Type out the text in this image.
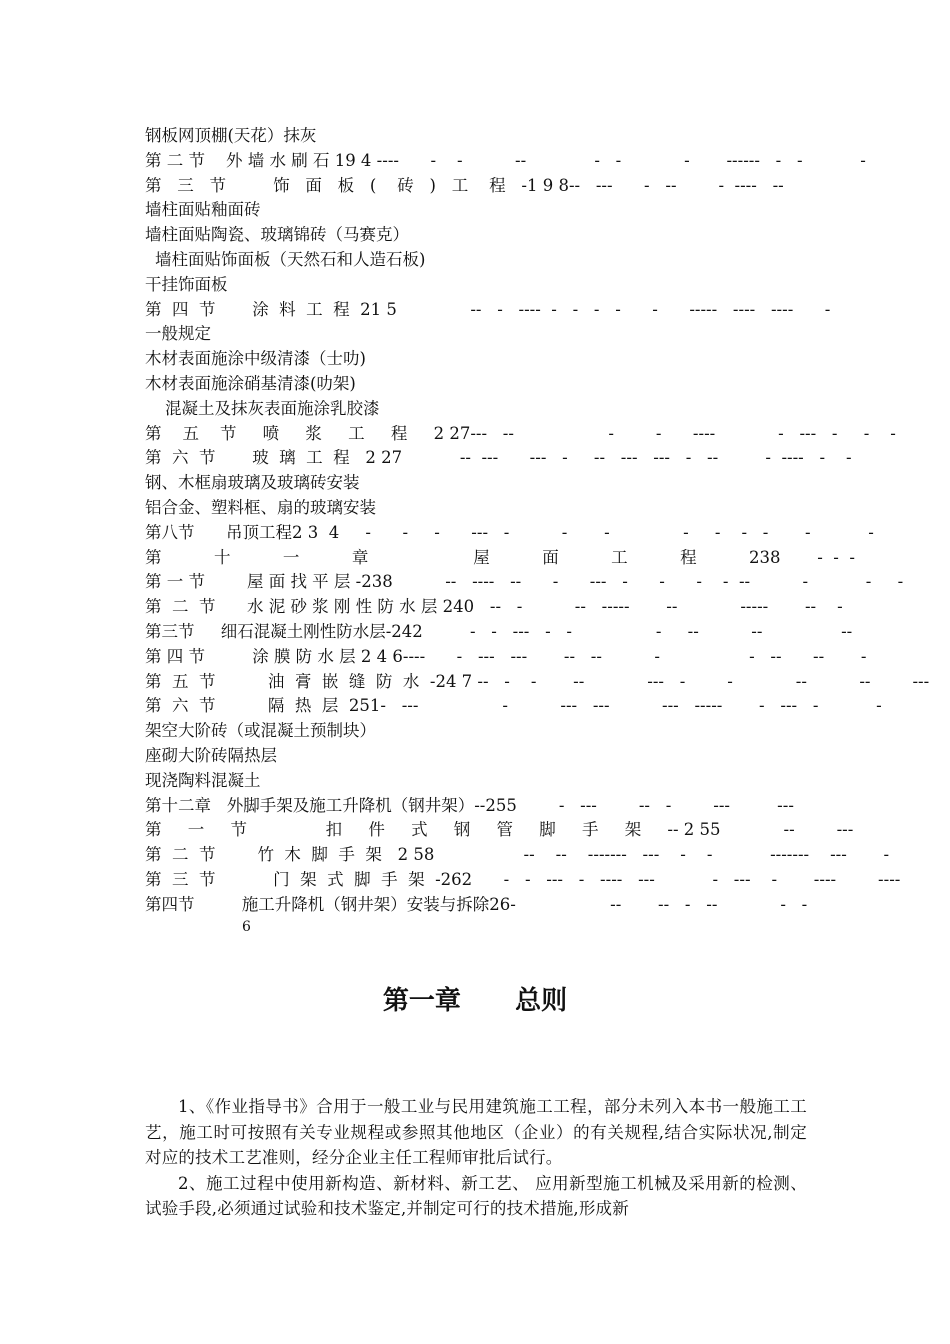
钢板网顶棚(天花）抹灰
第 二 节    外 墙 水 刷 石 19 4 ----      -    -          --             -   -            -       ------   -   -           -
第   三   节         饰   面   板   (    砖   )   工    程   -1 9 8--   ---      -   --        -  ----   --
墙柱面贴釉面砖
墙柱面贴陶瓷、玻璃锦砖（马赛克）
墙柱面贴饰面板（天然石和人造石板)
干挂饰面板
第  四  节       涂  料  工  程  21 5              --   -   ----  -   -   -   -      -      -----   ----   ----      -
一般规定
木材表面施涂中级清漆（士叻)
木材表面施涂硝基清漆(叻架)
混凝土及抹灰表面施涂乳胶漆
第    五    节     喷     浆     工     程     2 27---   --                  -        -      ----            -   ---   -     -    -
第  六  节       玻  璃  工  程   2 27           --  ---      ---   -     --   ---   ---   -   --         -  ----   -    -
钢、木框扇玻璃及玻璃砖安装
铝合金、塑料框、扇的玻璃安装
第八节      吊顶工程2 3  4     -      -     -      ---   -          -       -              -     -    -   -       -           -
第          十          一          章                    屋          面          工          程          238       -  -  -
第 一 节        屋 面 找 平 层 -238          --   ----   --      -      ---   -      -      -    -  --          -           -     -
第  二  节      水 泥 砂 浆 刚 性 防 水 层 240   --   -          --   -----       --            -----       --    -
第三节     细石混凝土刚性防水层-242         -   -   ---   -   -                -     --          --               --
第 四 节         涂 膜 防 水 层 2 4 6----      -   ---   ---       --   --          -                 -   --      --       -
第  五  节          油  膏  嵌  缝  防  水  -24 7 --   -    -       --            ---   -        -            --          --        ---
第  六  节          隔  热  层  251-   ---                -          ---   ---          ---   -----       -   ---   -           -
架空大阶砖（或混凝土预制块）
座砌大阶砖隔热层
现浇陶料混凝土
第十二章   外脚手架及施工升降机（钢井架）--255        -   ---        --   -        ---         ---
第     一     节               扣     件     式     钢     管     脚     手     架     -- 2 55            --        ---
第  二  节        竹  木  脚  手  架   2 58                 --    --    -------   ---    -    -           -------    ---       -
第  三  节           门  架  式  脚  手  架  -262      -   -   ---   -   ----   ---           -   ---    -       ----        ----
第四节         施工升降机（钢井架）安装与拆除26-                  --       --   -   --            -   -
6
第一章      总则

1、《作业指导书》合用于一般工业与民用建筑施工工程，部分未列入本书一般施工工艺，施工时可按照有关专业规程或参照其他地区（企业）的有关规程,结合实际状况,制定对应的技术工艺准则，经分企业主任工程师审批后试行。

2、施工过程中使用新构造、新材料、新工艺、 应用新型施工机械及采用新的检测、试验手段,必须通过试验和技术鉴定,并制定可行的技术措施,形成新
